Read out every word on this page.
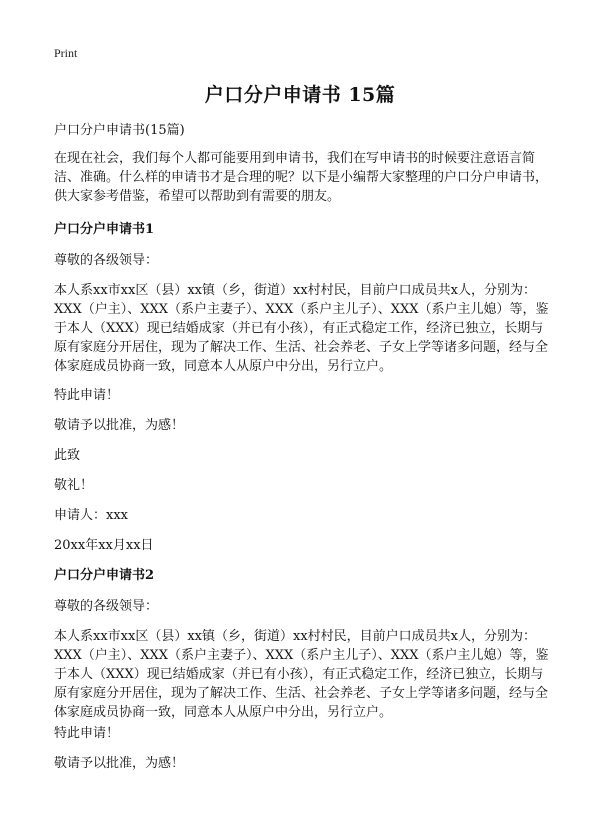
Print
户口分户申请书 15篇

户口分户申请书(15篇)

在现在社会，我们每个人都可能要用到申请书，我们在写申请书的时候要注意语言简洁、准确。什么样的申请书才是合理的呢？以下是小编帮大家整理的户口分户申请书，供大家参考借鉴，希望可以帮助到有需要的朋友。

户口分户申请书1

尊敬的各级领导：

本人系xx市xx区（县）xx镇（乡，街道）xx村村民，目前户口成员共x人，分别为：XXX（户主）、XXX（系户主妻子）、XXX（系户主儿子）、XXX（系户主儿媳）等，鉴于本人（XXX）现已结婚成家（并已有小孩），有正式稳定工作，经济已独立，长期与原有家庭分开居住，现为了解决工作、生活、社会养老、子女上学等诸多问题，经与全体家庭成员协商一致，同意本人从原户中分出，另行立户。

特此申请！

敬请予以批准，为感！

此致

敬礼！

申请人：xxx

20xx年xx月xx日

户口分户申请书2

尊敬的各级领导：

本人系xx市xx区（县）xx镇（乡，街道）xx村村民，目前户口成员共x人，分别为：XXX（户主）、XXX（系户主妻子）、XXX（系户主儿子）、XXX（系户主儿媳）等，鉴于本人（XXX）现已结婚成家（并已有小孩），有正式稳定工作，经济已独立，长期与原有家庭分开居住，现为了解决工作、生活、社会养老、子女上学等诸多问题，经与全体家庭成员协商一致，同意本人从原户中分出，另行立户。

特此申请！

敬请予以批准，为感！
